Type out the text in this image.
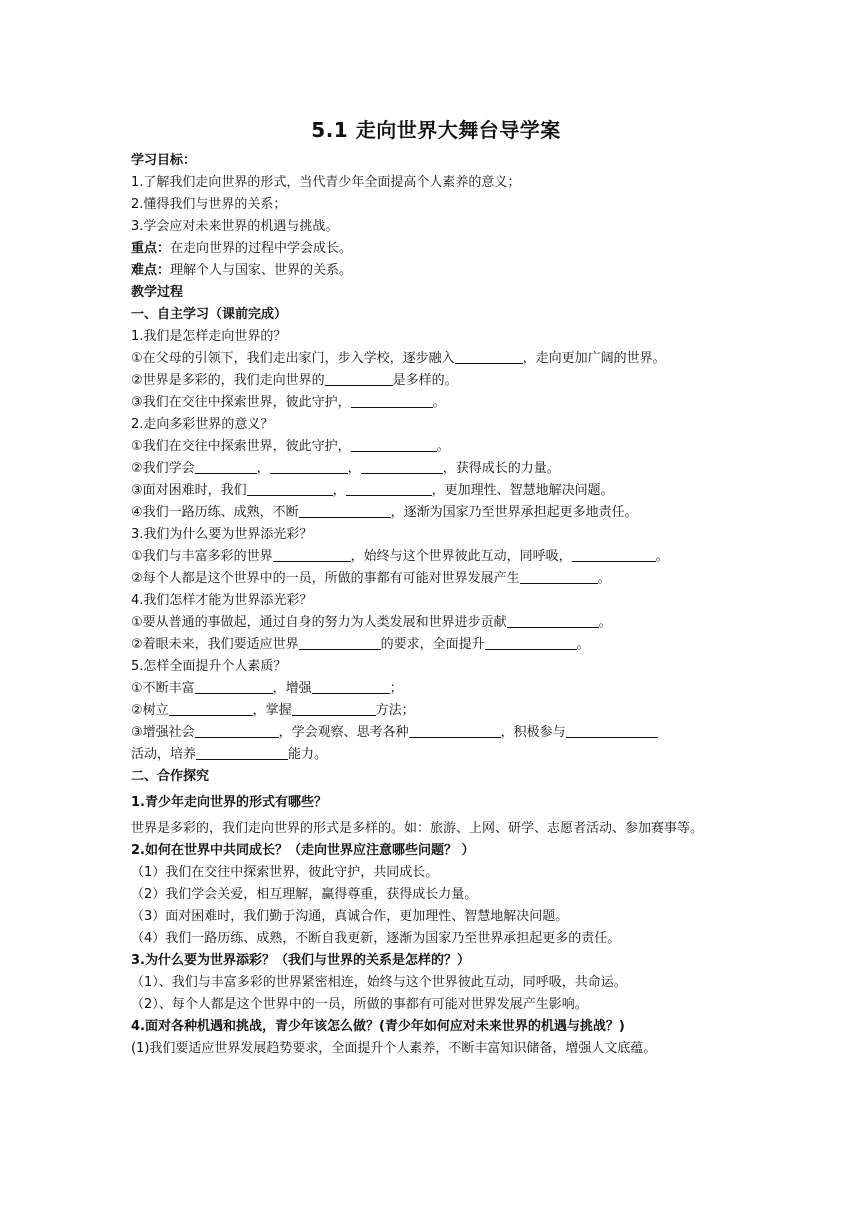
5.1 走向世界大舞台导学案
学习目标：
1.了解我们走向世界的形式，当代青少年全面提高个人素养的意义；
2.懂得我们与世界的关系；
3.学会应对未来世界的机遇与挑战。
重点：在走向世界的过程中学会成长。
难点：理解个人与国家、世界的关系。
教学过程
一、自主学习（课前完成）
1.我们是怎样走向世界的？
①在父母的引领下，我们走出家门，步入学校，逐步融入	，走向更加广阔的世界。
②世界是多彩的，我们走向世界的	是多样的。
③我们在交往中探索世界，彼此守护，	。
2.走向多彩世界的意义？
①我们在交往中探索世界，彼此守护，	。
②我们学会	，	，	，获得成长的力量。
③面对困难时，我们	，	，更加理性、智慧地解决问题。
④我们一路历练、成熟，不断	，逐渐为国家乃至世界承担起更多地责任。
3.我们为什么要为世界添光彩？
①我们与丰富多彩的世界	，始终与这个世界彼此互动，同呼吸，	。
②每个人都是这个世界中的一员，所做的事都有可能对世界发展产生	。
4.我们怎样才能为世界添光彩？
①要从普通的事做起，通过自身的努力为人类发展和世界进步贡献	。
②着眼未来，我们要适应世界	的要求，全面提升	。
5.怎样全面提升个人素质？
①不断丰富	，增强	；
②树立	，掌握	方法；
③增强社会	，学会观察、思考各种	，积极参与
活动，培养	能力。
二、合作探究
1.青少年走向世界的形式有哪些？
世界是多彩的，我们走向世界的形式是多样的。如：旅游、上网、研学、志愿者活动、参加赛事等。
2.如何在世界中共同成长？（走向世界应注意哪些问题？ ）
（1）我们在交往中探索世界，彼此守护，共同成长。
（2）我们学会关爱，相互理解，赢得尊重，获得成长力量。
（3）面对困难时，我们勤于沟通，真诚合作，更加理性、智慧地解决问题。
（4）我们一路历练、成熟，不断自我更新，逐渐为国家乃至世界承担起更多的责任。
3.为什么要为世界添彩？（我们与世界的关系是怎样的？）
（1）、我们与丰富多彩的世界紧密相连，始终与这个世界彼此互动，同呼吸，共命运。
（2）、每个人都是这个世界中的一员，所做的事都有可能对世界发展产生影响。
4.面对各种机遇和挑战，青少年该怎么做？(青少年如何应对未来世界的机遇与挑战？)
(1)我们要适应世界发展趋势要求，全面提升个人素养，不断丰富知识储备，增强人文底蕴。
